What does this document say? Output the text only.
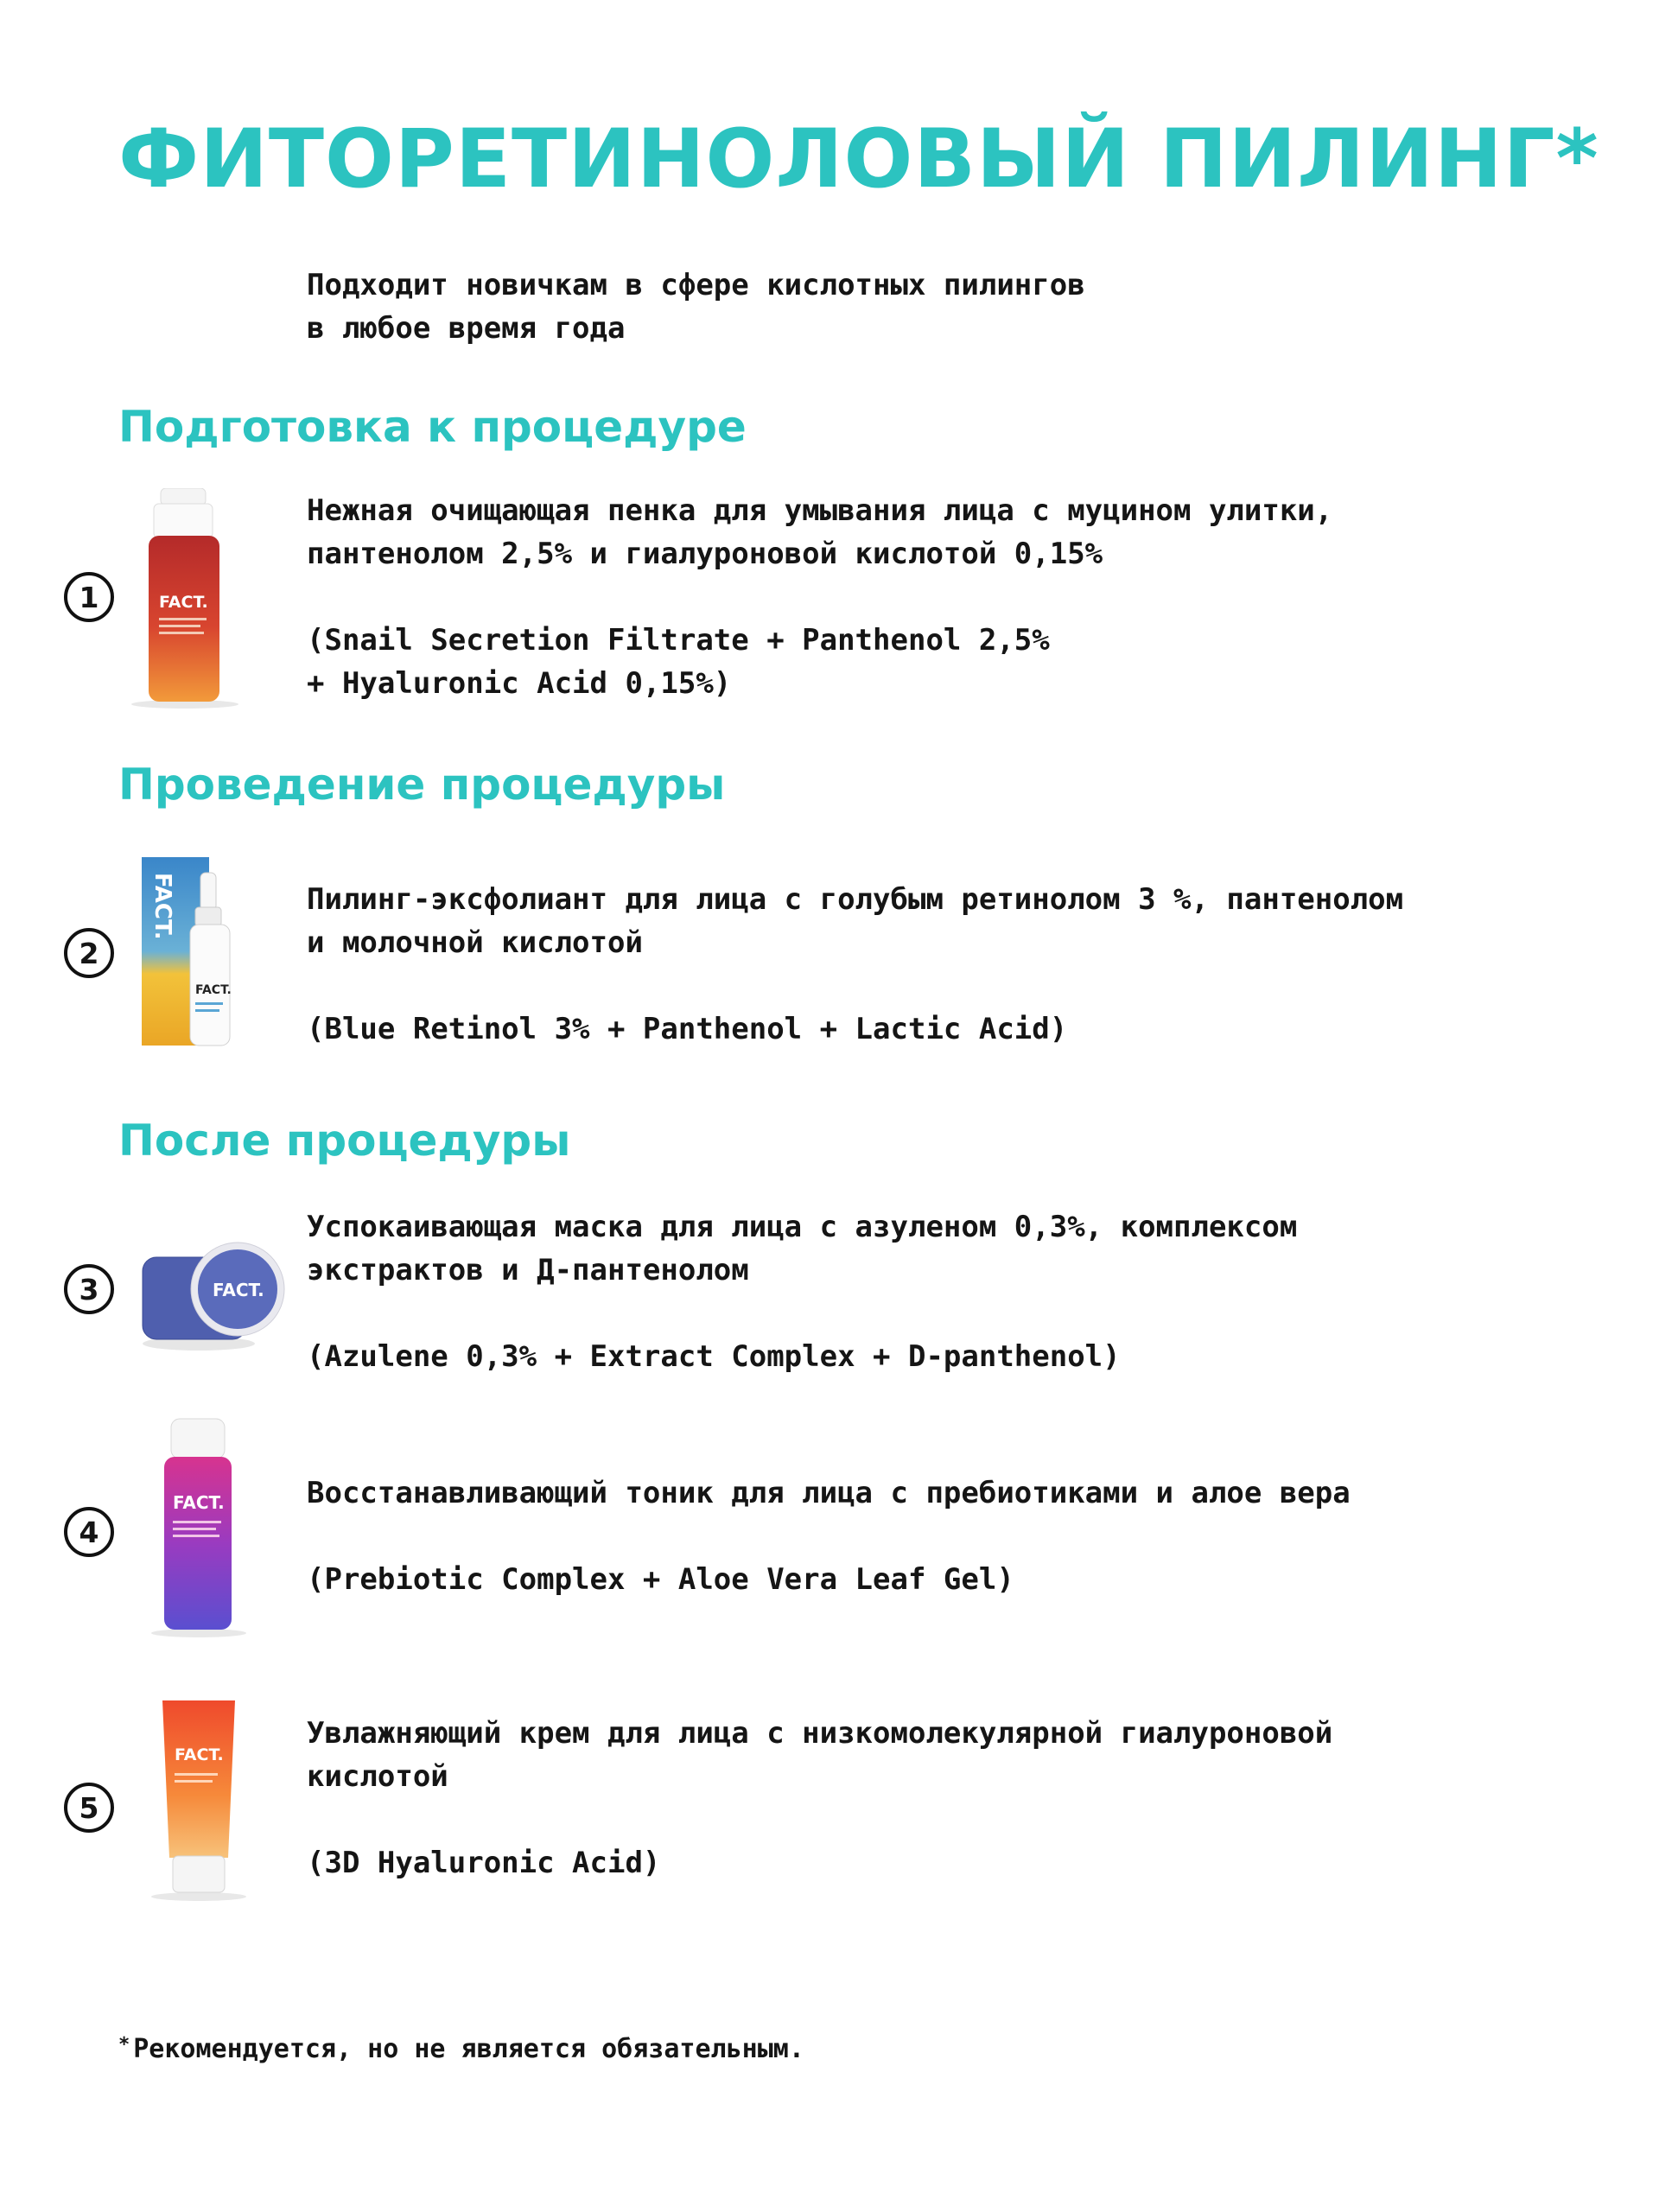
ФИТОРЕТИНОЛОВЫЙ ПИЛИНГ*
Подходит новичкам в сфере кислотных пилингов
в любое время года
Подготовка к процедуре
FACT.
1
Нежная очищающая пенка для умывания лица с муцином улитки,
пантенолом 2,5% и гиалуроновой кислотой 0,15%
(Snail Secretion Filtrate + Panthenol 2,5%
+ Hyaluronic Acid 0,15%)
Проведение процедуры
FACT.
FACT.
2
Пилинг-эксфолиант для лица с голубым ретинолом 3 %, пантенолом
и молочной кислотой
(Blue Retinol 3% + Panthenol + Lactic Acid)
После процедуры
FACT.
3
Успокаивающая маска для лица с азуленом 0,3%, комплексом
экстрактов и Д-пантенолом
(Azulene 0,3% + Extract Complex + D-panthenol)
FACT.
4
Восстанавливающий тоник для лица с пребиотиками и алое вера
(Prebiotic Complex + Aloe Vera Leaf Gel)
FACT.
5
Увлажняющий крем для лица с низкомолекулярной гиалуроновой
кислотой
(3D Hyaluronic Acid)
* Рекомендуется, но не является обязательным.
